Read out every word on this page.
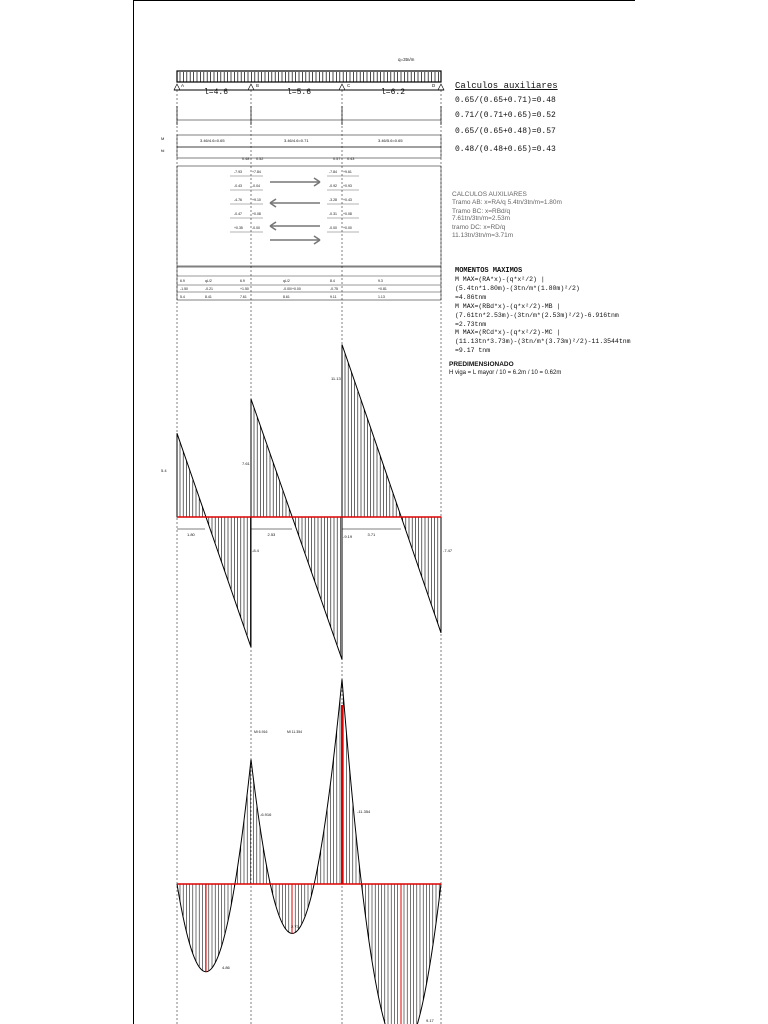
q=3tn/m
l=4.6	l=5.6	l=6.2
A	B	C	D Calculos auxiliares
0.65/(0.65+0.71)=0.48
0.71/(0.71+0.65)=0.52
0.65/(0.65+0.48)=0.57
0.48/(0.48+0.65)=0.43
CALCULOS AUXILIARES
Tramo AB: x=RA/q 5.4tn/3tn/m=1.80m
Tramo BC: x=RBd/q
7.61tn/3tn/m=2.53m
tramo DC: x=RD/q
11.13tn/3tn/m=3.71m
MOMENTOS MAXIMOS
M MAX=(RA*x)-(q*x²/2) |
(5.4tn*1.80m)-(3tn/m*(1.80m)²/2)
=4.86tnm
M MAX=(RBd*x)-(q*x²/2)-MB |
(7.61tn*2.53m)-(3tn/m*(2.53m)²/2)-6.916tnm
=2.73tnm
M MAX=(RCd*x)-(q*x²/2)-MC |
(11.13tn*3.73m)-(3tn/m*(3.73m)²/2)-11.3544tnm
=9.17 tnm
PREDIMENSIONADO
H viga = L mayor / 10 = 6.2m / 10 = 0.62m
M
fd
3.46/4.6=0.65	3.46/4.6=0.71	3.46/5.6=0.65
0.48 0.52	0.57 0.43
-7.93	+7.84	-7.84 +9.61
-0.43	-0.04	-0.92 +0.93
-4.76	+9.10	-3.28 +0.43
-0.47	+0.08	-0.31 +0.08
+0.35	-0.00	-0.00 +0.00
6.9	qL/2	6.9	qL/2	8.4	9.3
-1.50	-0.21	+1.50	-0.00/+0.00	-0.75	+0.81
5.4	8.41	7.61	8.61	9.11	1.13
5.4
7.61
11.13
-8.4
-9.19
-7.47
1.80	2.53	3.71
4.86
2.73
9.17
-6.916
-11.354
Ml 6.916	Ml 11.354
